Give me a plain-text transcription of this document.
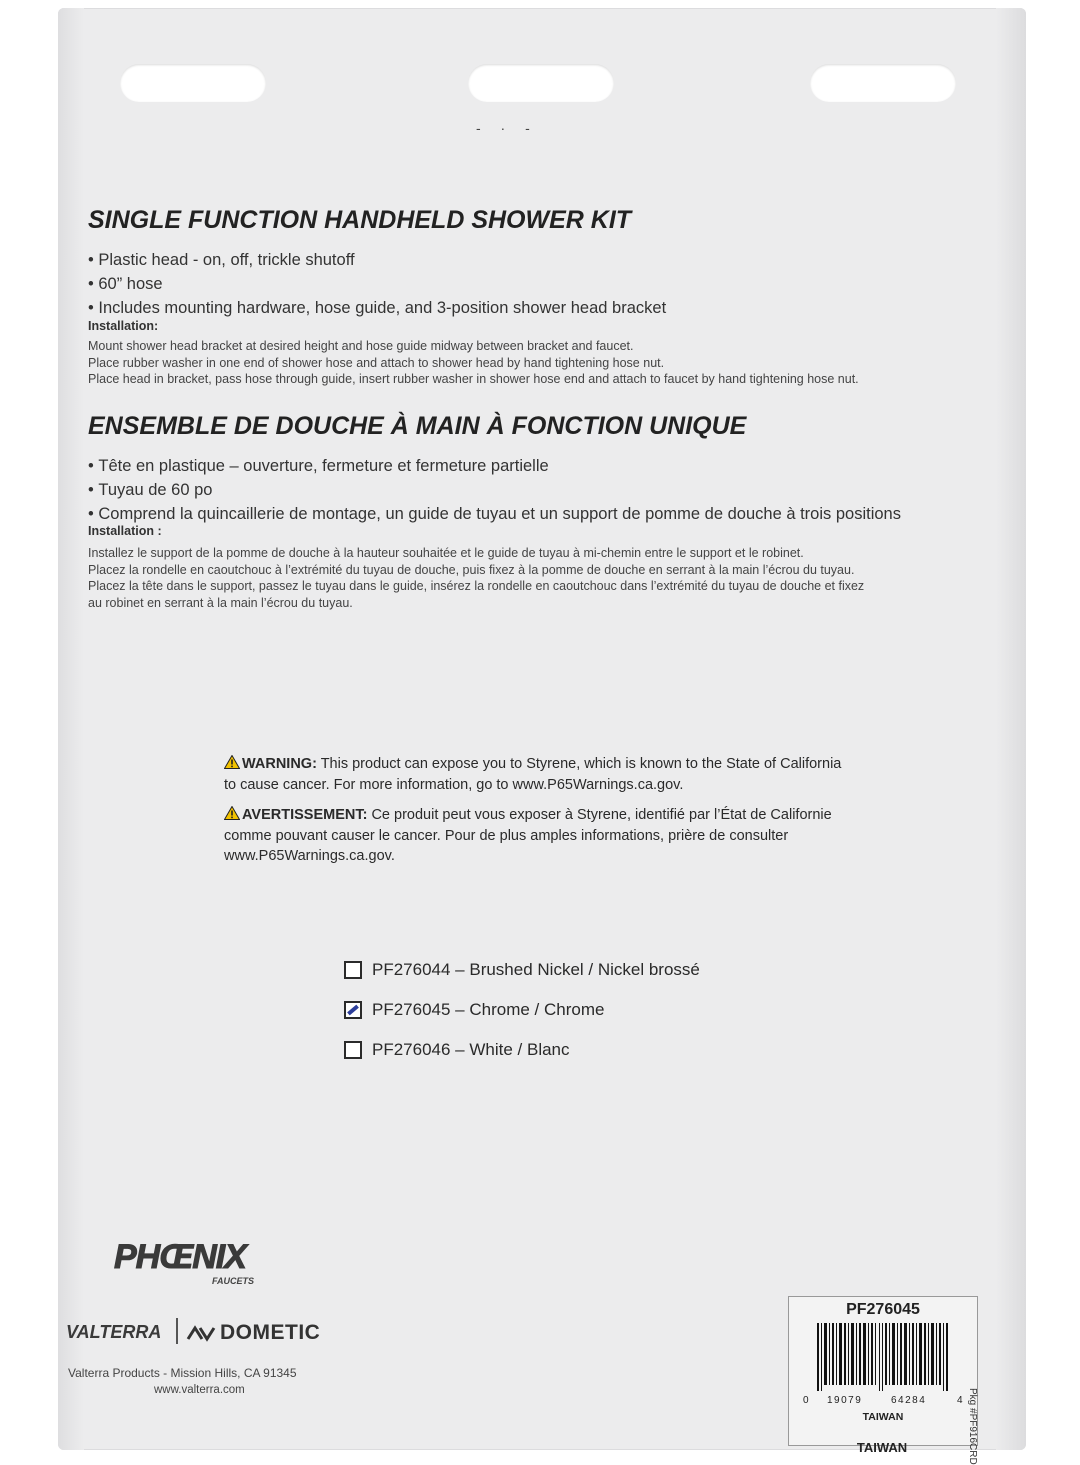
- · -
SINGLE FUNCTION HANDHELD SHOWER KIT
• Plastic head - on, off, trickle shutoff
• 60” hose
• Includes mounting hardware, hose guide, and 3-position shower head bracket
Installation:
Mount shower head bracket at desired height and hose guide midway between bracket and faucet.
Place rubber washer in one end of shower hose and attach to shower head by hand tightening hose nut.
Place head in bracket, pass hose through guide, insert rubber washer in shower hose end and attach to faucet by hand tightening hose nut.
ENSEMBLE DE DOUCHE À MAIN À FONCTION UNIQUE
• Tête en plastique – ouverture, fermeture et fermeture partielle
• Tuyau de 60 po
• Comprend la quincaillerie de montage, un guide de tuyau et un support de pomme de douche à trois positions
Installation :
Installez le support de la pomme de douche à la hauteur souhaitée et le guide de tuyau à mi-chemin entre le support et le robinet.
Placez la rondelle en caoutchouc à l’extrémité du tuyau de douche, puis fixez à la pomme de douche en serrant à la main l’écrou du tuyau.
Placez la tête dans le support, passez le tuyau dans le guide, insérez la rondelle en caoutchouc dans l’extrémité du tuyau de douche et fixez
au robinet en serrant à la main l’écrou du tuyau.
WARNING: This product can expose you to Styrene, which is known to the State of California
to cause cancer. For more information, go to www.P65Warnings.ca.gov.
AVERTISSEMENT: Ce produit peut vous exposer à Styrene, identifié par l’État de Californie
comme pouvant causer le cancer. Pour de plus amples informations, prière de consulter
www.P65Warnings.ca.gov.
PF276044 – Brushed Nickel / Nickel brossé
PF276045 – Chrome / Chrome
PF276046 – White / Blanc
PHŒNIX
FAUCETS
VALTERRA	DOMETIC
Valterra Products - Mission Hills, CA 91345
www.valterra.com
PF276045
0 19079	64284	4
TAIWAN	Pkg #PF916CRD
TAIWAN
